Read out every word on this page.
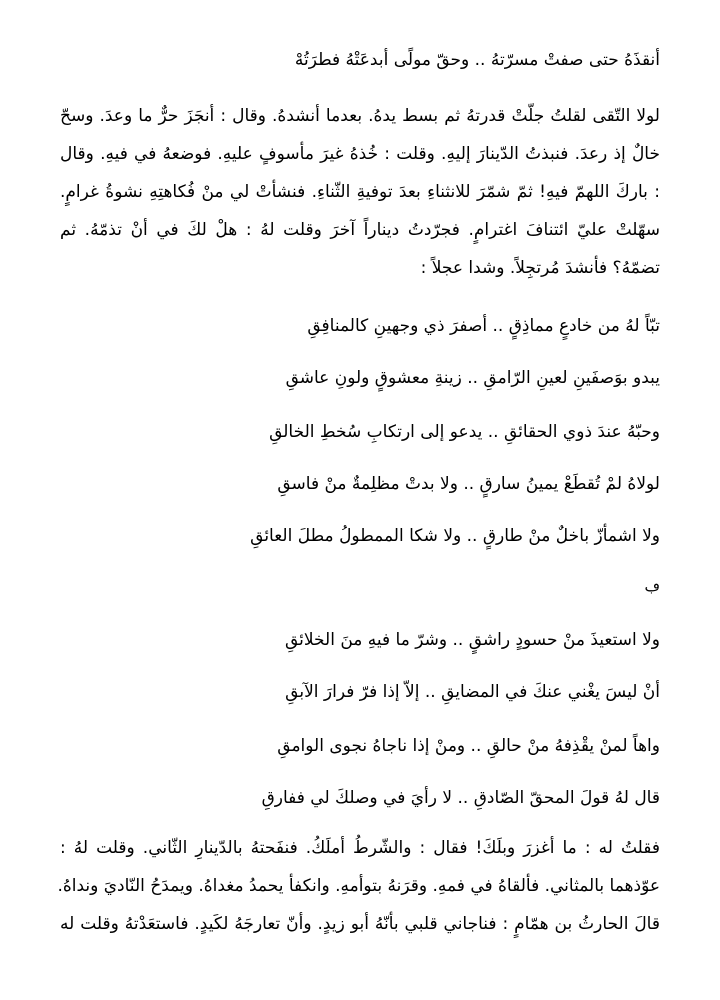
أنقذَهُ حتى صفتْ مسرّتهُ .. وحقّ مولًى أبدعَتْهُ فطرَتُهْ
لولا التّقى لقلتُ جلّتْ قدرتهُ ثم بسط يدهُ. بعدما أنشدهُ. وقال : أنجَزَ حرٌّ ما وعدَ. وسحّ
خالٌ إذ رعدَ. فنبذتُ الدّينارَ إليهِ. وقلت : خُذهُ غيرَ مأسوفٍ عليهِ. فوضعهُ في فيهِ. وقال
: باركَ اللهمّ فيهِ! ثمّ شمّرَ للانثناءِ بعدَ توفيةِ الثّناءِ. فنشأتْ لي منْ فُكاهتِهِ نشوةُ غرامٍ.
سهّلتْ عليّ ائتنافَ اغترامٍ. فجرّدتُ ديناراً آخرَ وقلت لهُ : هلْ لكَ في أنْ تذمّهُ. ثم
تضمّهُ؟ فأنشدَ مُرتجِلاً. وشدا عجلاً :
تبّاً لهُ من خادعٍ مماذِقٍ .. أصفرَ ذي وجهينِ كالمنافِقِ
يبدو بوَصفَينِ لعينِ الرّامقِ .. زينةِ معشوقٍ ولونِ عاشقِ
وحبّهُ عندَ ذوي الحقائقِ .. يدعو إلى ارتكابِ سُخطِ الخالقِ
لولاهُ لمْ تُقطَعْ يمينُ سارقٍ .. ولا بدتْ مظلِمةٌ منْ فاسقِ
ولا اشمأزّ باخلٌ منْ طارقٍ .. ولا شكا الممطولُ مطلَ العائقِ
ڢ
ولا استعيذَ منْ حسودٍ راشقٍ .. وشرّ ما فيهِ منَ الخلائقِ
أنْ ليسَ يغْني عنكَ في المضايقِ .. إلاّ إذا فرّ فرارَ الآبقِ
واهاً لمنْ يقْذِفهُ منْ حالقِ .. ومنْ إذا ناجاهُ نجوى الوامقِ
قال لهُ قولَ المحقّ الصّادقِ .. لا رأيَ في وصلكَ لي ففارقِ
فقلتُ له : ما أغزرَ وبلَكَ! فقال : والشّرطُ أملَكُ. فنفَحتهُ بالدّينارِ الثّاني. وقلت لهُ :
عوّذهما بالمثاني. فألقاهُ في فمهِ. وقرَنهُ بتوأمهِ. وانكفأ يحمدُ مغداهُ. ويمدَحُ النّاديَ ونداهُ.
قالَ الحارثُ بن همّامٍ : فناجاني قلبي بأنّهُ أبو زيدٍ. وأنّ تعارجَهُ لكَيدٍ. فاستعَدْتهُ وقلت له
